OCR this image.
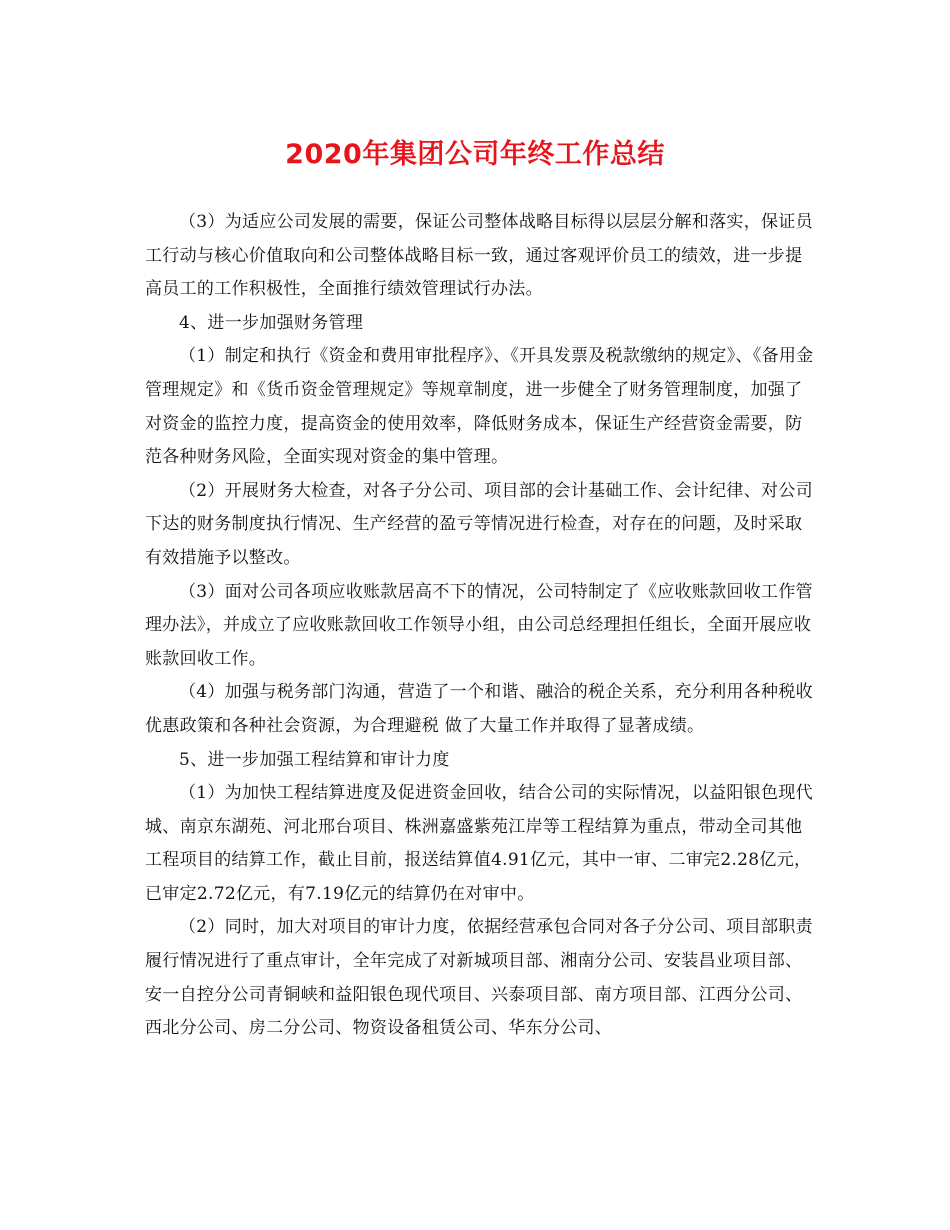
2020年集团公司年终工作总结

（3）为适应公司发展的需要，保证公司整体战略目标得以层层分解和落实，保证员工行动与核心价值取向和公司整体战略目标一致，通过客观评价员工的绩效，进一步提高员工的工作积极性，全面推行绩效管理试行办法。

4、进一步加强财务管理

（1）制定和执行《资金和费用审批程序》、《开具发票及税款缴纳的规定》、《备用金管理规定》和《货币资金管理规定》等规章制度，进一步健全了财务管理制度，加强了对资金的监控力度，提高资金的使用效率，降低财务成本，保证生产经营资金需要，防范各种财务风险，全面实现对资金的集中管理。

（2）开展财务大检查，对各子分公司、项目部的会计基础工作、会计纪律、对公司下达的财务制度执行情况、生产经营的盈亏等情况进行检查，对存在的问题，及时采取有效措施予以整改。

（3）面对公司各项应收账款居高不下的情况，公司特制定了《应收账款回收工作管理办法》，并成立了应收账款回收工作领导小组，由公司总经理担任组长，全面开展应收账款回收工作。

（4）加强与税务部门沟通，营造了一个和谐、融洽的税企关系，充分利用各种税收优惠政策和各种社会资源，为合理避税 做了大量工作并取得了显著成绩。

5、进一步加强工程结算和审计力度

（1）为加快工程结算进度及促进资金回收，结合公司的实际情况，以益阳银色现代城、南京东湖苑、河北邢台项目、株洲嘉盛紫苑江岸等工程结算为重点，带动全司其他工程项目的结算工作，截止目前，报送结算值4.91亿元，其中一审、二审完2.28亿元，已审定2.72亿元，有7.19亿元的结算仍在对审中。

（2）同时，加大对项目的审计力度，依据经营承包合同对各子分公司、项目部职责履行情况进行了重点审计，全年完成了对新城项目部、湘南分公司、安装昌业项目部、安一自控分公司青铜峡和益阳银色现代项目、兴泰项目部、南方项目部、江西分公司、西北分公司、房二分公司、物资设备租赁公司、华东分公司、
